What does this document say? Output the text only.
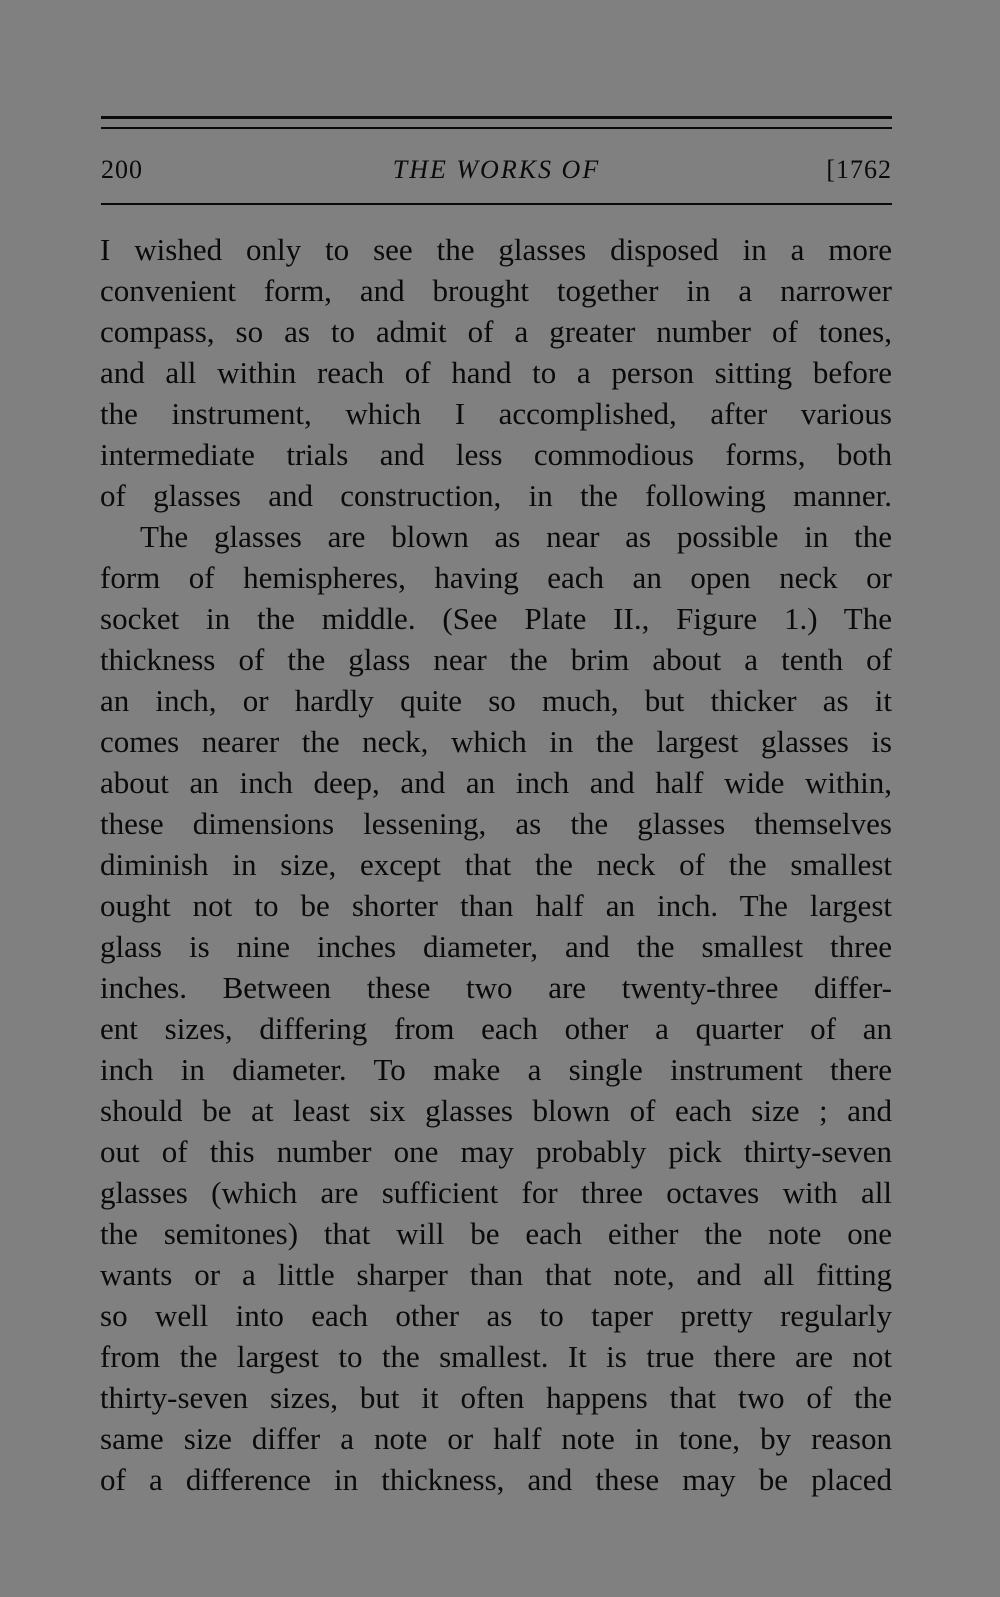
200	THE WORKS OF	[1762
I wished only to see the glasses disposed in a more
convenient form, and brought together in a narrower
compass, so as to admit of a greater number of tones,
and all within reach of hand to a person sitting before
the instrument, which I accomplished, after various
intermediate trials and less commodious forms, both
of glasses and construction, in the following manner.
The glasses are blown as near as possible in the
form of hemispheres, having each an open neck or
socket in the middle. (See Plate II., Figure 1.) The
thickness of the glass near the brim about a tenth of
an inch, or hardly quite so much, but thicker as it
comes nearer the neck, which in the largest glasses is
about an inch deep, and an inch and half wide within,
these dimensions lessening, as the glasses themselves
diminish in size, except that the neck of the smallest
ought not to be shorter than half an inch. The largest
glass is nine inches diameter, and the smallest three
inches. Between these two are twenty-three differ-
ent sizes, differing from each other a quarter of an
inch in diameter. To make a single instrument there
should be at least six glasses blown of each size ; and
out of this number one may probably pick thirty-seven
glasses (which are sufficient for three octaves with all
the semitones) that will be each either the note one
wants or a little sharper than that note, and all fitting
so well into each other as to taper pretty regularly
from the largest to the smallest. It is true there are not
thirty-seven sizes, but it often happens that two of the
same size differ a note or half note in tone, by reason
of a difference in thickness, and these may be placed
